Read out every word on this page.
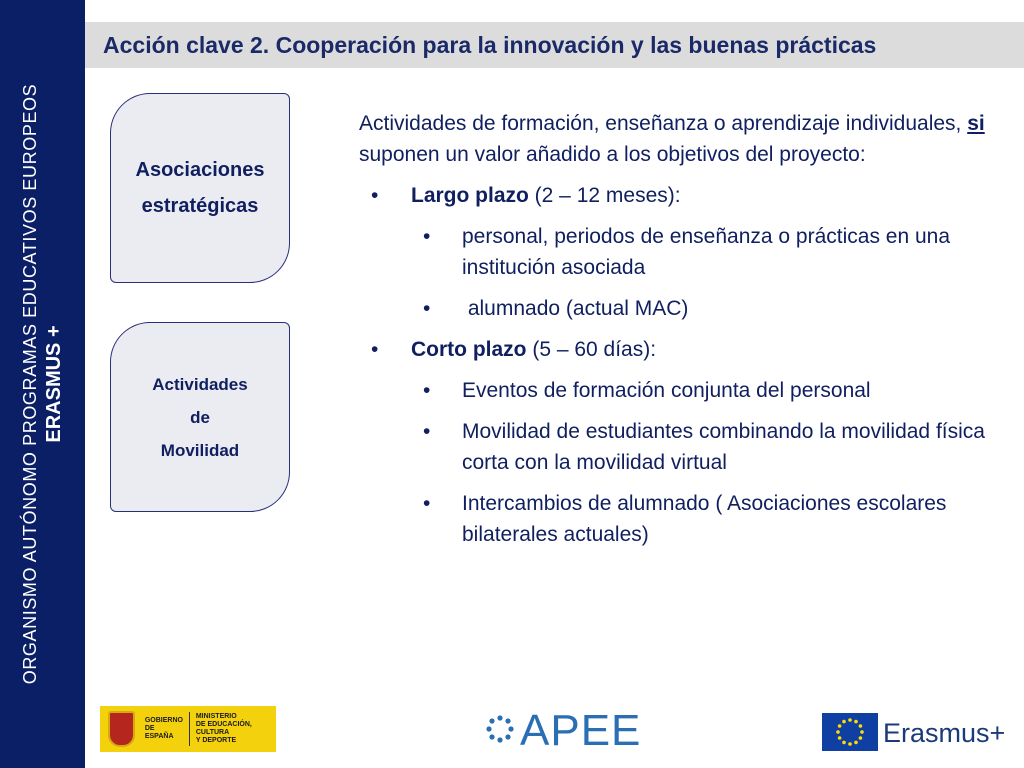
ORGANISMO AUTÓNOMO PROGRAMAS EDUCATIVOS EUROPEOS ERASMUS +
Acción clave 2. Cooperación para la innovación y las buenas prácticas
Asociaciones
estratégicas
Actividades
de
Movilidad

Actividades de formación, enseñanza o aprendizaje individuales, si suponen un valor añadido a los objetivos del proyecto:

• Largo plazo (2 – 12 meses):
• personal, periodos de enseñanza o prácticas en una institución asociada
• alumnado (actual MAC)
• Corto plazo (5 – 60 días):
• Eventos de formación conjunta del personal
• Movilidad de estudiantes combinando la movilidad física corta con la movilidad virtual
• Intercambios de alumnado ( Asociaciones escolares bilaterales actuales)
GOBIERNO
DE ESPAÑA
MINISTERIO
DE EDUCACIÓN, CULTURA
Y DEPORTE	APEE	Erasmus+
